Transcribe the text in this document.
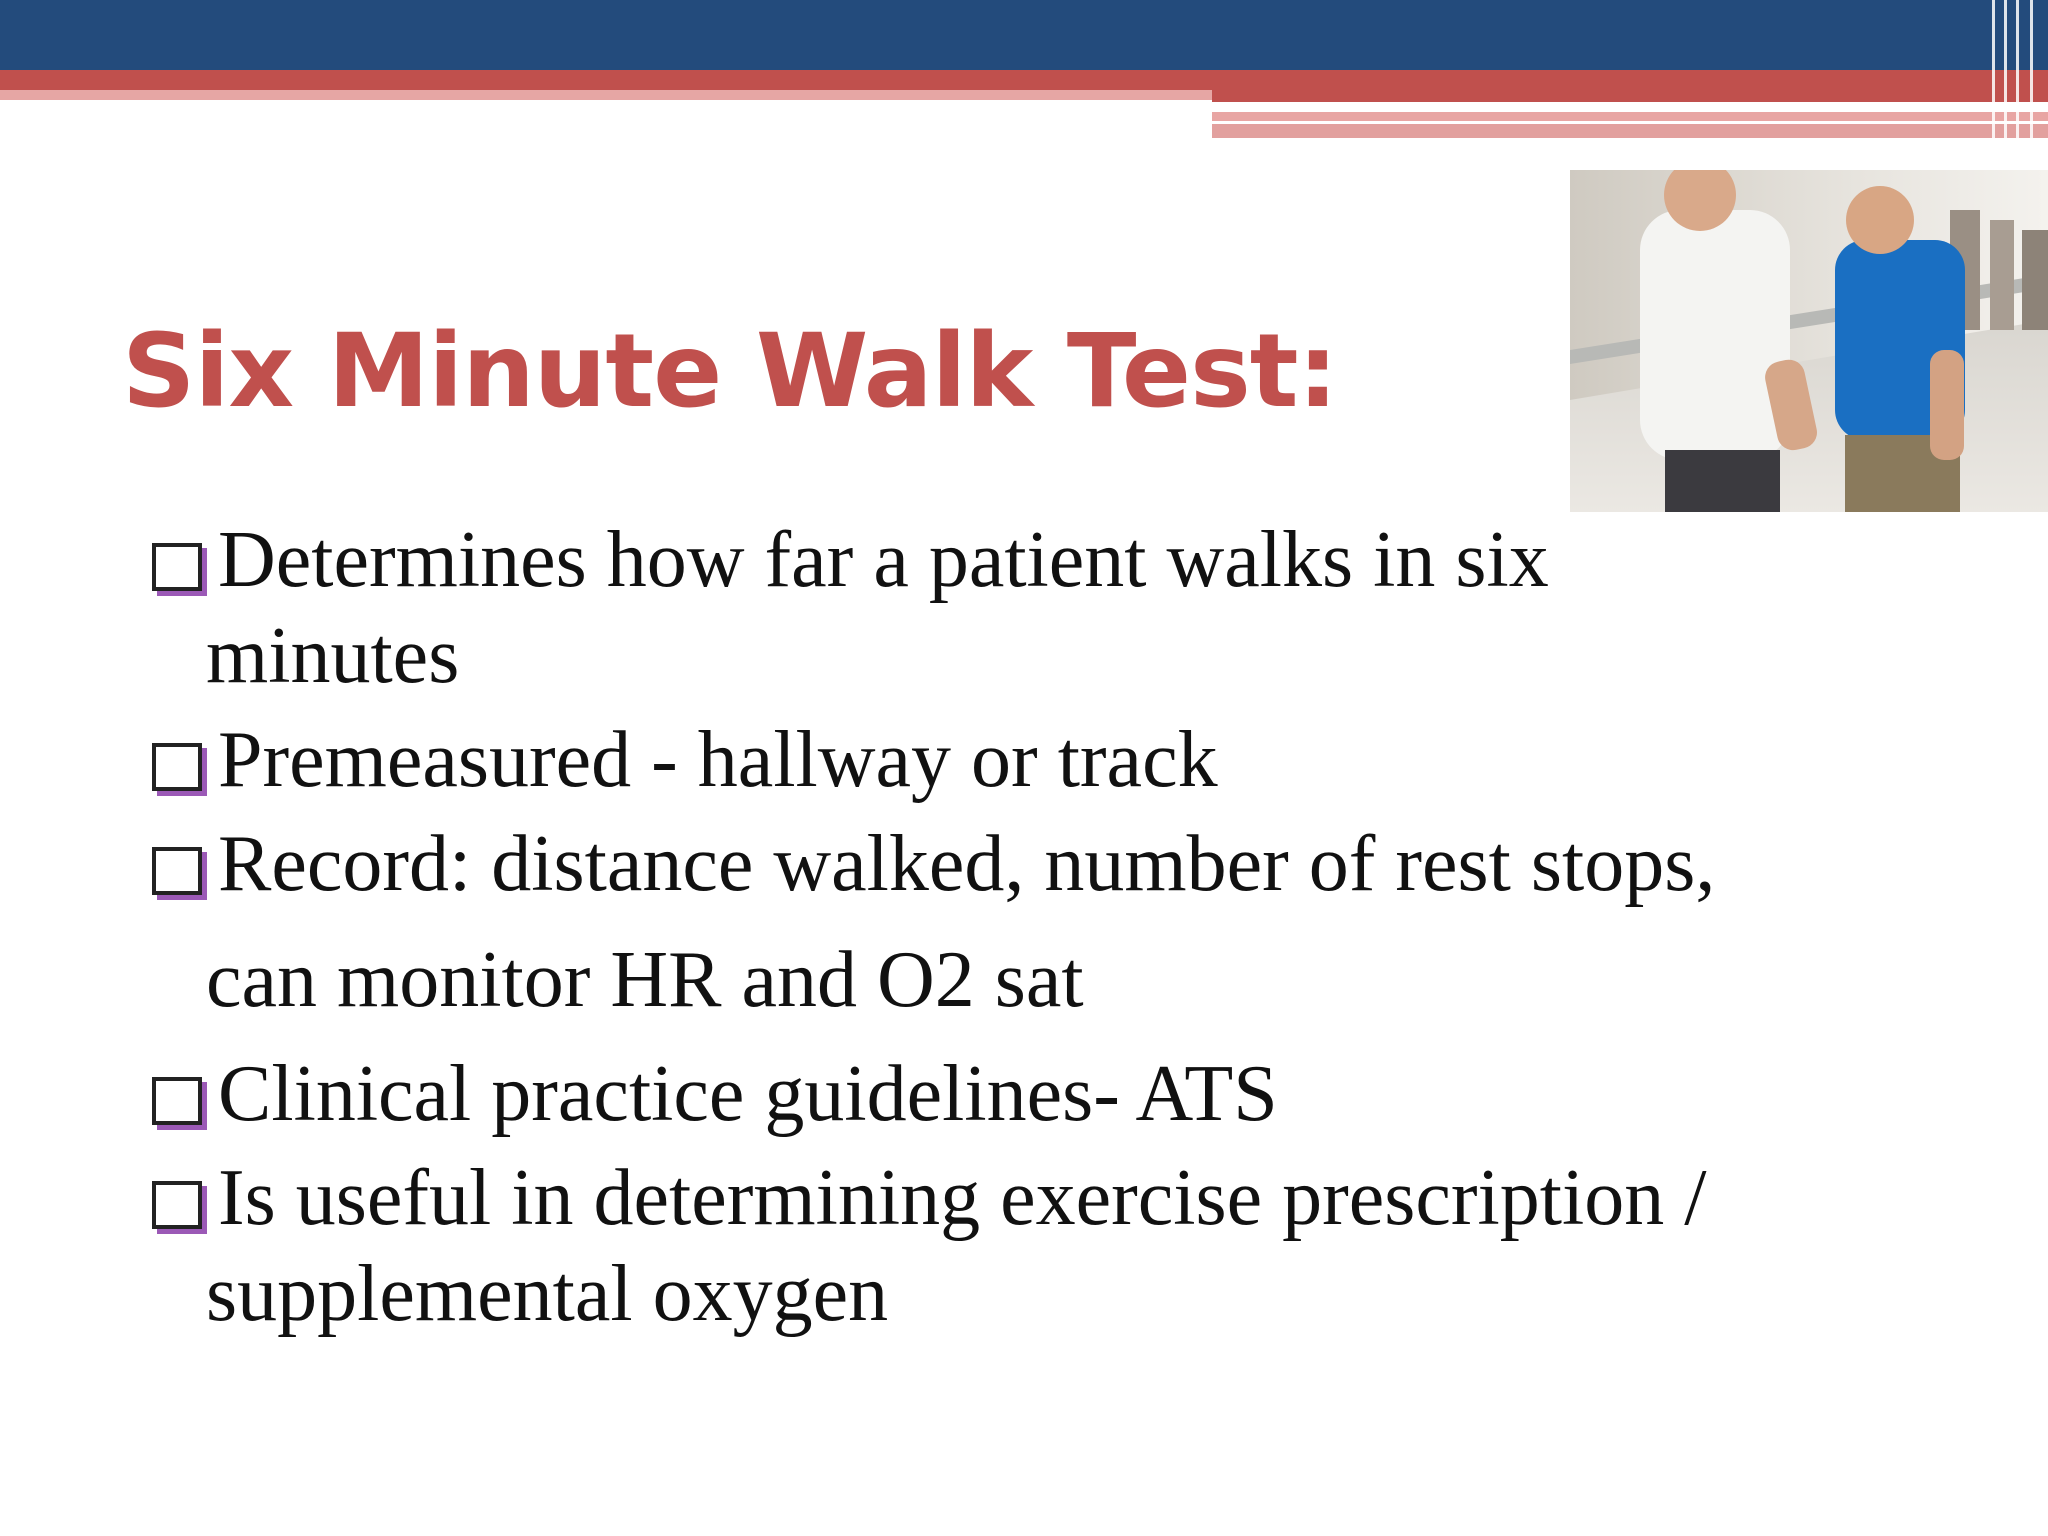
Six Minute Walk Test:
Determines how far a patient walks in six
minutes
Premeasured - hallway or track
Record: distance walked, number of rest stops,
can monitor HR and O2 sat
Clinical practice guidelines- ATS
Is useful in determining exercise prescription /
supplemental oxygen
